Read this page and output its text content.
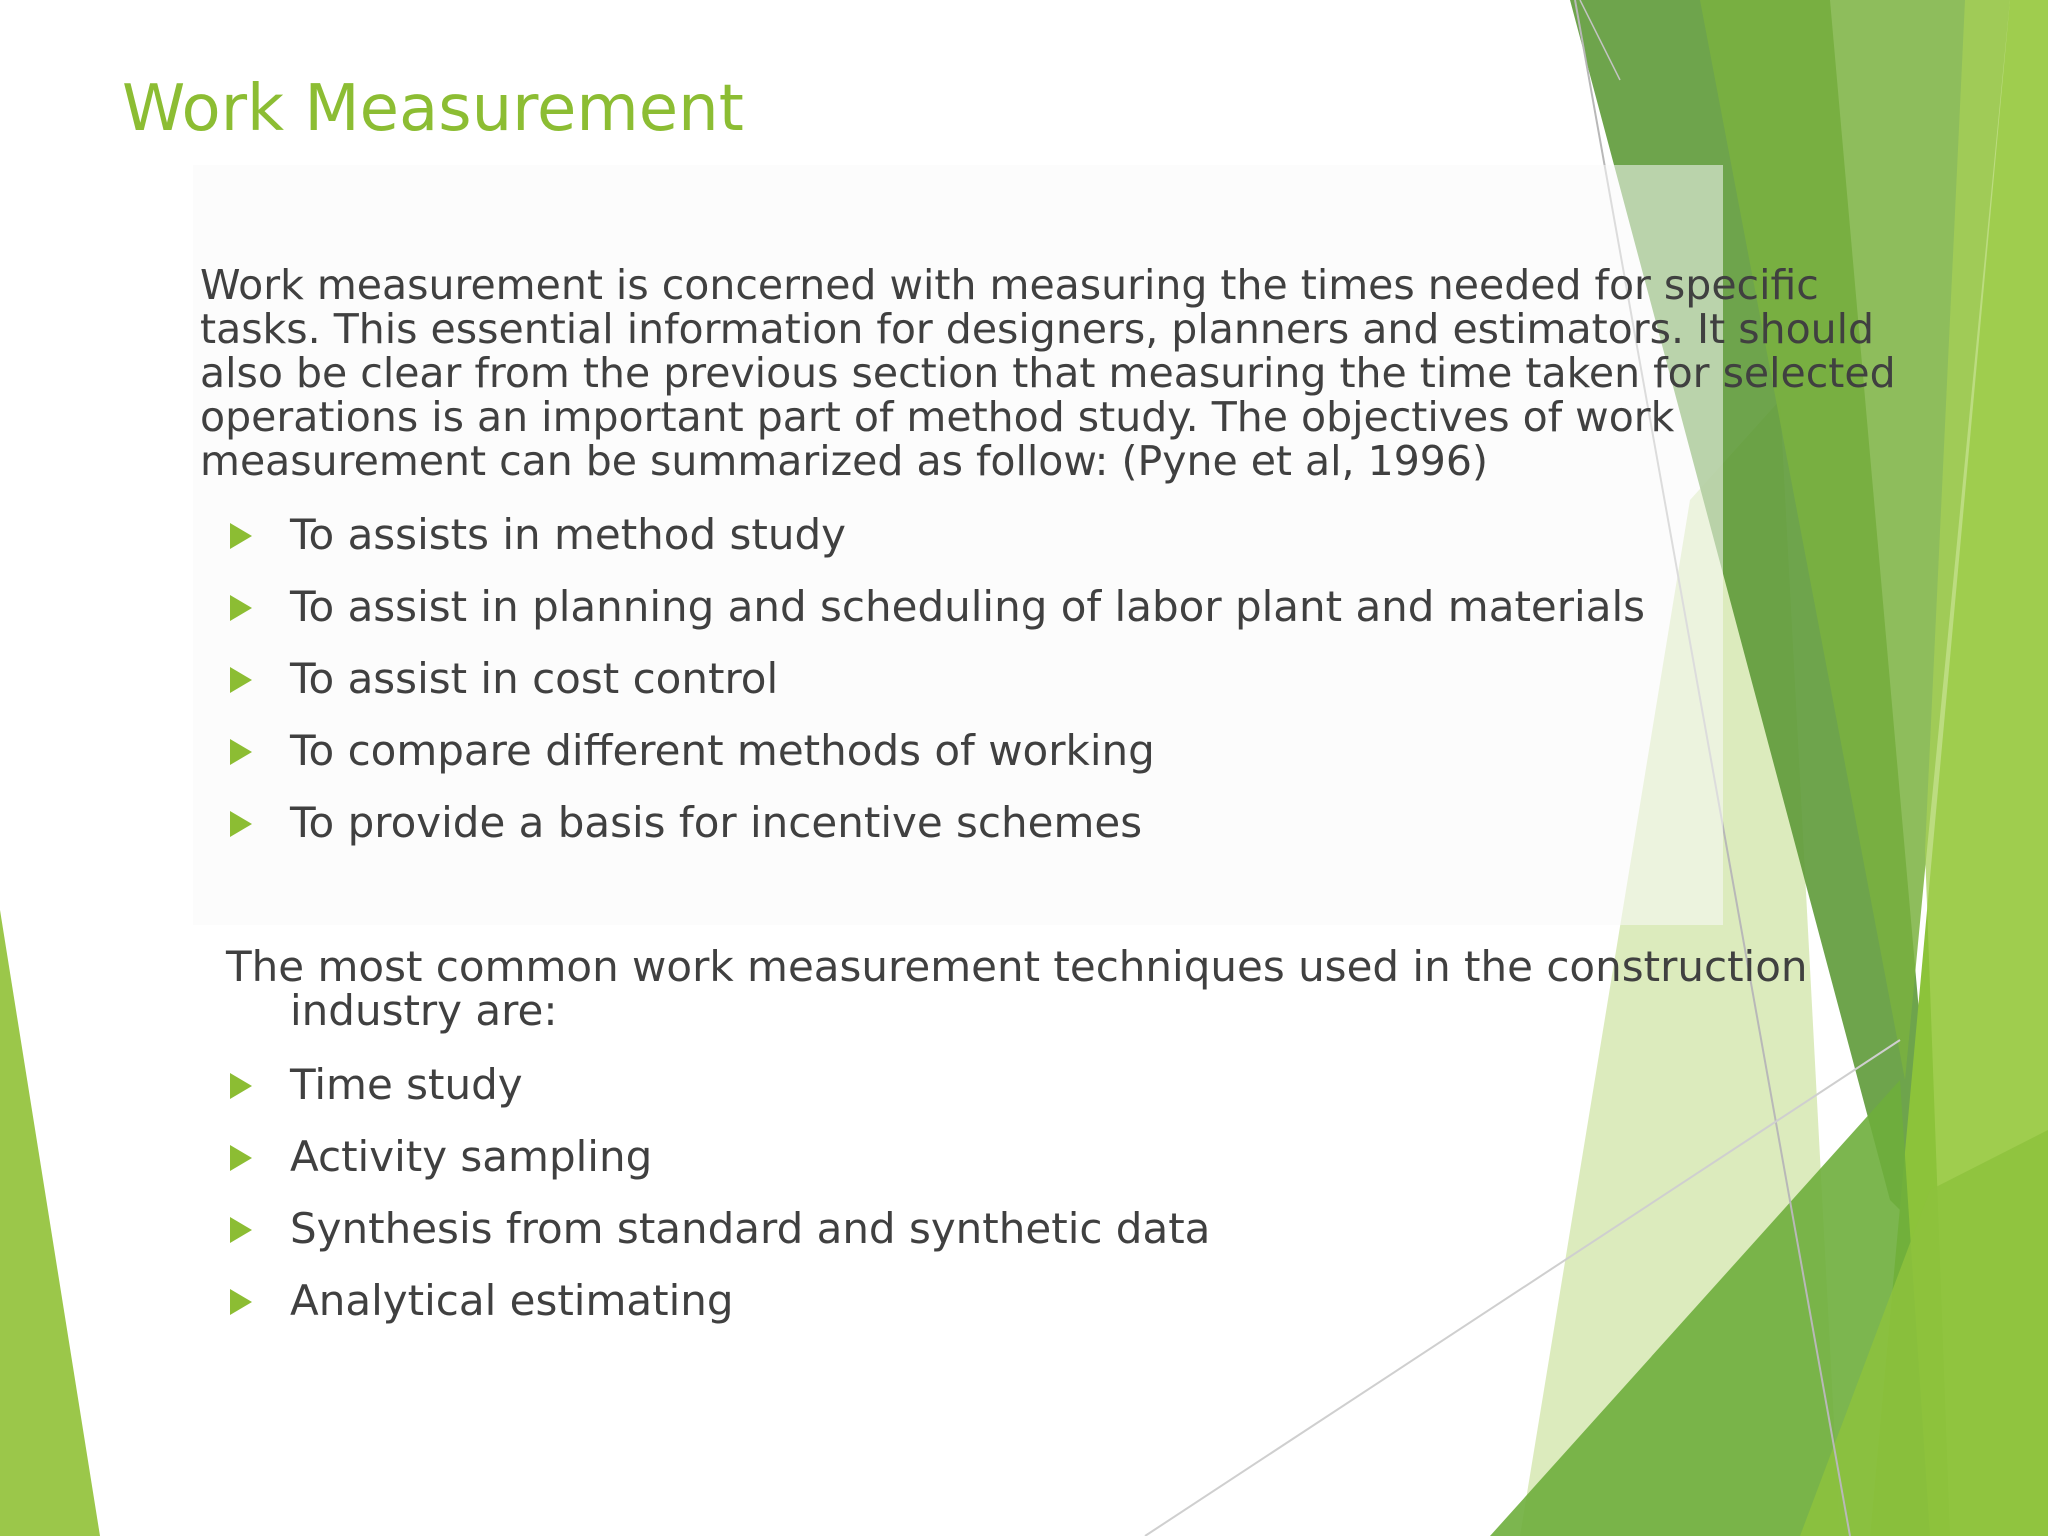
Work Measurement

Work measurement is concerned with measuring the times needed for specific tasks. This essential information for designers, planners and estimators. It should also be clear from the previous section that measuring the time taken for selected operations is an important part of method study. The objectives of work measurement can be summarized as follow: (Pyne et al, 1996)

To assists in method study
To assist in planning and scheduling of labor plant and materials
To assist in cost control
To compare different methods of working
To provide a basis for incentive schemes

The most common work measurement techniques used in the construction industry are:

Time study
Activity sampling
Synthesis from standard and synthetic data
Analytical estimating
